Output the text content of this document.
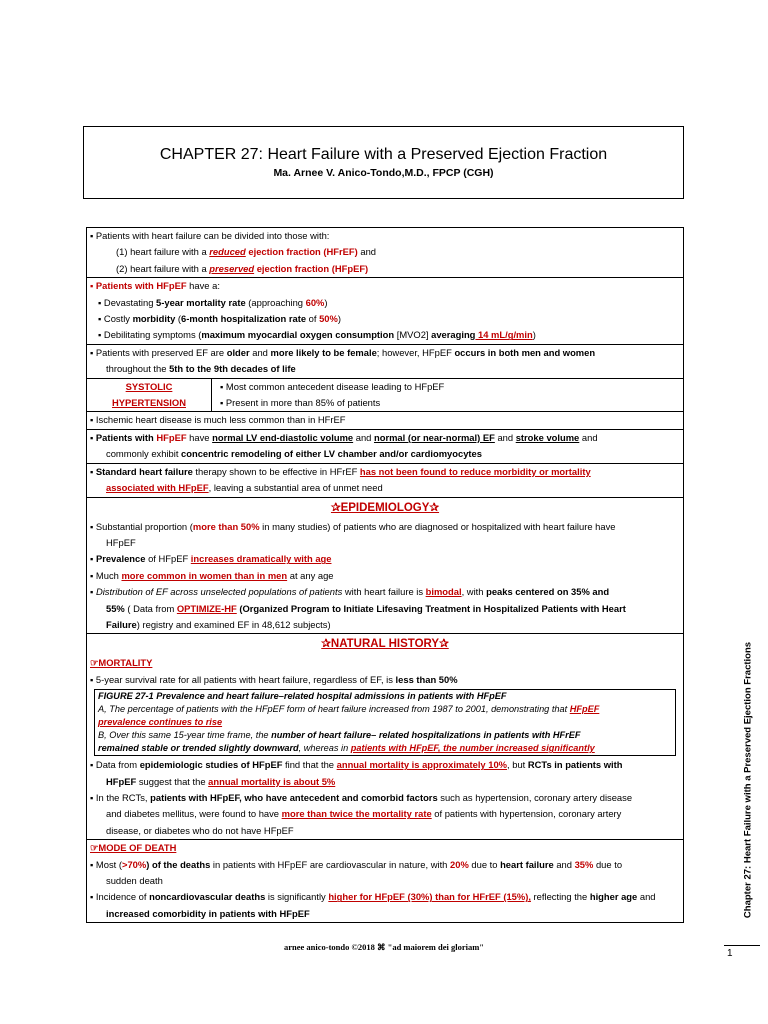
CHAPTER 27: Heart Failure with a Preserved Ejection Fraction
Ma. Arnee V. Anico-Tondo,M.D., FPCP (CGH)
▪ Patients with heart failure can be divided into those with:
(1) heart failure with a reduced ejection fraction (HFrEF) and
(2) heart failure with a preserved ejection fraction (HFpEF)
▪ Patients with HFpEF have a:
▪ Devastating 5-year mortality rate (approaching 60%)
▪ Costly morbidity (6-month hospitalization rate of 50%)
▪ Debilitating symptoms (maximum myocardial oxygen consumption [MVO2] averaging 14 mL/g/min)
▪ Patients with preserved EF are older and more likely to be female; however, HFpEF occurs in both men and women
throughout the 5th to the 9th decades of life
SYSTOLIC
HYPERTENSION
▪ Most common antecedent disease leading to HFpEF
▪ Present in more than 85% of patients
▪ Ischemic heart disease is much less common than in HFrEF
▪ Patients with HFpEF have normal LV end-diastolic volume and normal (or near-normal) EF and stroke volume and
commonly exhibit concentric remodeling of either LV chamber and/or cardiomyocytes
▪ Standard heart failure therapy shown to be effective in HFrEF has not been found to reduce morbidity or mortality
associated with HFpEF, leaving a substantial area of unmet need
✰EPIDEMIOLOGY✰
▪ Substantial proportion (more than 50% in many studies) of patients who are diagnosed or hospitalized with heart failure have
HFpEF
▪ Prevalence of HFpEF increases dramatically with age
▪ Much more common in women than in men at any age
▪ Distribution of EF across unselected populations of patients with heart failure is bimodal, with peaks centered on 35% and
55% ( Data from OPTIMIZE-HF (Organized Program to Initiate Lifesaving Treatment in Hospitalized Patients with Heart
Failure) registry and examined EF in 48,612 subjects)
✰NATURAL HISTORY✰
☞MORTALITY
▪ 5-year survival rate for all patients with heart failure, regardless of EF, is less than 50%
FIGURE 27-1 Prevalence and heart failure–related hospital admissions in patients with HFpEF
A, The percentage of patients with the HFpEF form of heart failure increased from 1987 to 2001, demonstrating that HFpEF
prevalence continues to rise
B, Over this same 15-year time frame, the number of heart failure– related hospitalizations in patients with HFrEF
remained stable or trended slightly downward, whereas in patients with HFpEF, the number increased significantly
▪ Data from epidemiologic studies of HFpEF find that the annual mortality is approximately 10%, but RCTs in patients with
HFpEF suggest that the annual mortality is about 5%
▪ In the RCTs, patients with HFpEF, who have antecedent and comorbid factors such as hypertension, coronary artery disease
and diabetes mellitus, were found to have more than twice the mortality rate of patients with hypertension, coronary artery
disease, or diabetes who do not have HFpEF
☞MODE OF DEATH
▪ Most (>70%) of the deaths in patients with HFpEF are cardiovascular in nature, with 20% due to heart failure and 35% due to
sudden death
▪ Incidence of noncardiovascular deaths is significantly higher for HFpEF (30%) than for HFrEF (15%), reflecting the higher age and
increased comorbidity in patients with HFpEF	Chapter 27: Heart Failure with a Preserved Ejection Fractions
1
arnee anico-tondo ©2018 ⌘ "ad maiorem dei gloriam"
